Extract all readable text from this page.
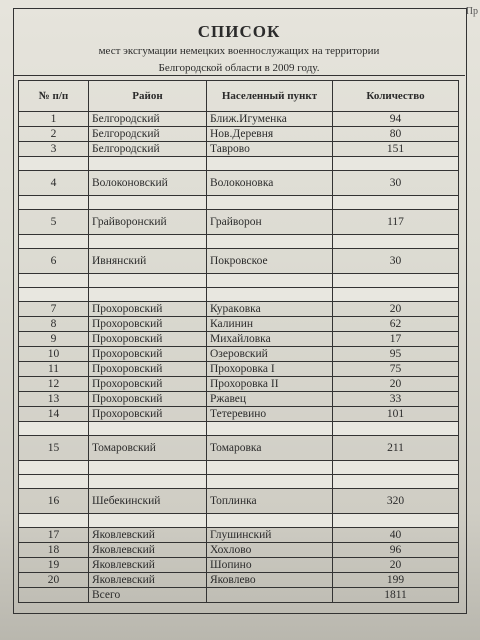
Пр
СПИСОК
мест эксгумации немецких военнослужащих на территории
Белгородской области в 2009 году.
№ п/п	Район	Населенный пункт	Количество
1	Белгородский	Ближ.Игуменка	94
2	Белгородский	Нов.Деревня	80
3	Белгородский	Таврово	151

4	Волоконовский	Волоконовка	30

5	Грайворонский	Грайворон	117

6	Ивнянский	Покровское	30

7	Прохоровский	Куракoвка	20
8	Прохоровский	Калинин	62
9	Прохоровский	Михайловка	17
10	Прохоровский	Озеровский	95
11	Прохоровский	Прохоровка I	75
12	Прохоровский	Прохоровка II	20
13	Прохоровский	Ржавец	33
14	Прохоровский	Тетеревино	101

15	Томаровский	Томаровка	211

16	Шебекинский	Топлинка	320

17	Яковлевский	Глушинский	40
18	Яковлевский	Хохлово	96
19	Яковлевский	Шопино	20
20	Яковлевский	Яковлево	199
	Всего		1811
